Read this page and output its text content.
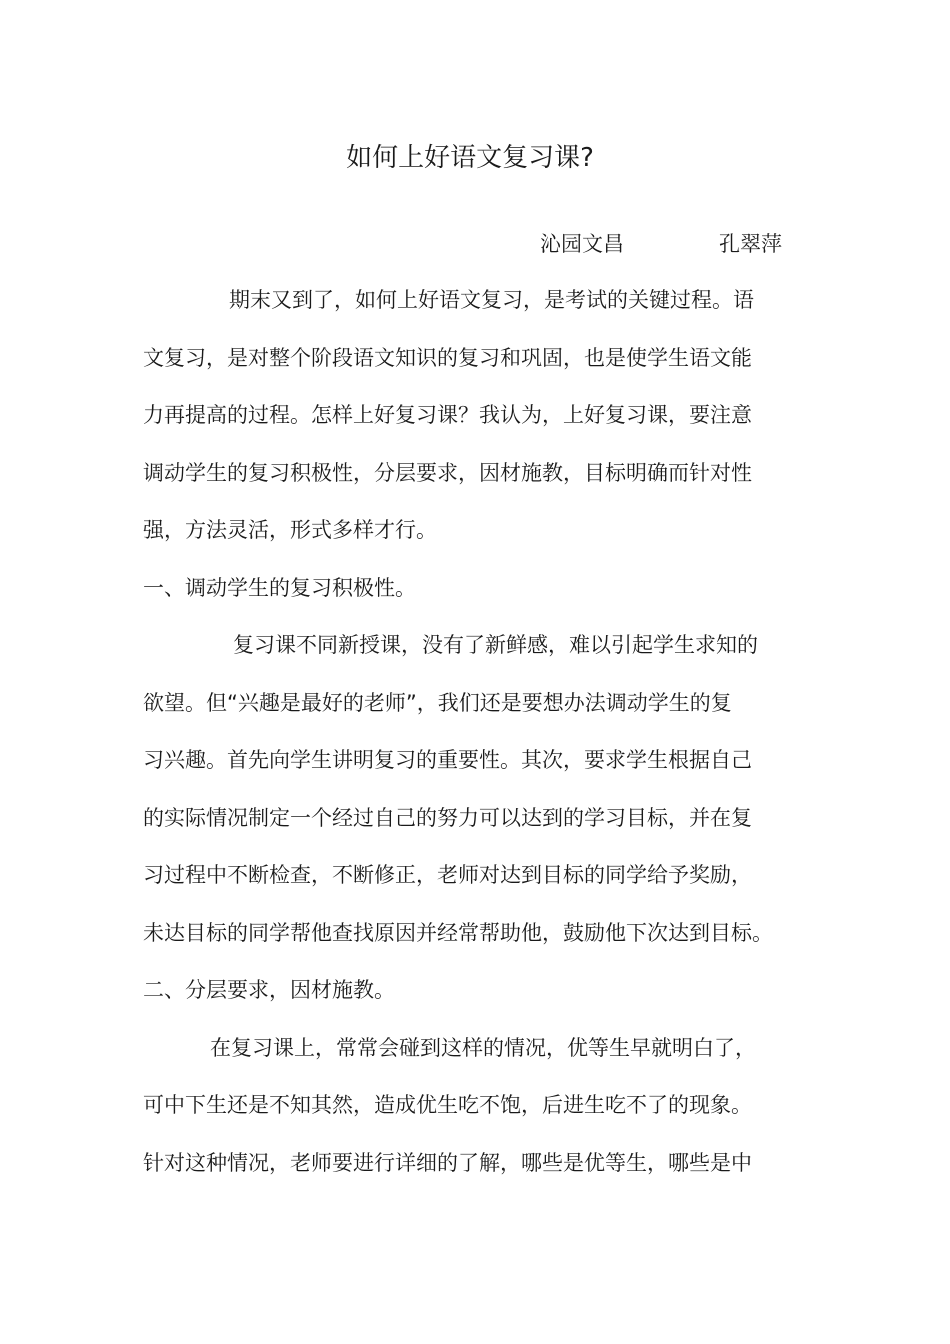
如何上好语文复习课?
沁园文昌	孔翠萍
期末又到了，如何上好语文复习，是考试的关键过程。语
文复习，是对整个阶段语文知识的复习和巩固，也是使学生语文能
力再提高的过程。怎样上好复习课？我认为，上好复习课，要注意
调动学生的复习积极性，分层要求，因材施教，目标明确而针对性
强，方法灵活，形式多样才行。
一、调动学生的复习积极性。
复习课不同新授课，没有了新鲜感，难以引起学生求知的
欲望。但“兴趣是最好的老师”，我们还是要想办法调动学生的复
习兴趣。首先向学生讲明复习的重要性。其次，要求学生根据自己
的实际情况制定一个经过自己的努力可以达到的学习目标，并在复
习过程中不断检查，不断修正，老师对达到目标的同学给予奖励，
未达目标的同学帮他查找原因并经常帮助他，鼓励他下次达到目标。
二、分层要求，因材施教。
在复习课上，常常会碰到这样的情况，优等生早就明白了，
可中下生还是不知其然，造成优生吃不饱，后进生吃不了的现象。
针对这种情况，老师要进行详细的了解，哪些是优等生，哪些是中
